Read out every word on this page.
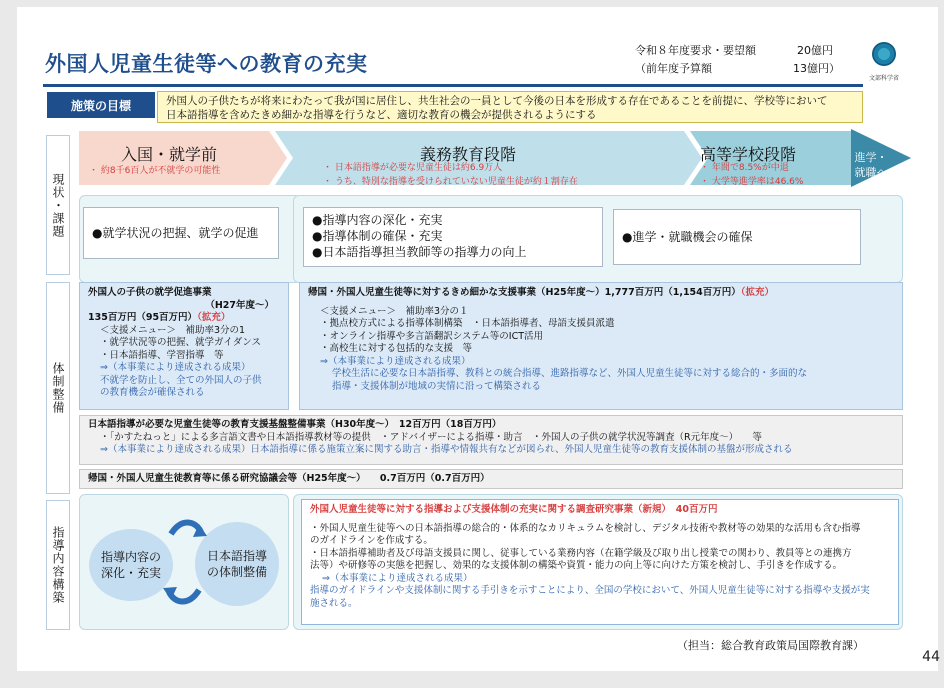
外国人児童生徒等への教育の充実
令和８年度要求・要望額	20億円
（前年度予算額	13億円）
文部科学省
施策の目標	外国人の子供たちが将来にわたって我が国に居住し、共生社会の一員として今後の日本を形成する存在であることを前提に、学校等において
日本語指導を含めたきめ細かな指導を行うなど、適切な教育の機会が提供されるようにする
現状・課題
体制整備
指導内容構築
入国・就学前
・ 約8千6百人が不就学の可能性
義務教育段階
・ 日本語指導が必要な児童生徒は約6.9万人
・ うち、特別な指導を受けられていない児童生徒が約１割存在
高等学校段階
・ 年間で8.5%が中退
・ 大学等進学率は46.6%
進学・就職へ
●就学状況の把握、就学の促進
●指導内容の深化・充実
●指導体制の確保・充実
●日本語指導担当教師等の指導力の向上
●進学・就職機会の確保
外国人の子供の就学促進事業
（H27年度～）
135百万円（95百万円）（拡充）
＜支援メニュー＞　補助率3分の1
・就学状況等の把握、就学ガイダンス
・日本語指導、学習指導　等
⇒（本事業により達成される成果）
不就学を防止し、全ての外国人の子供
の教育機会が確保される
帰国・外国人児童生徒等に対するきめ細かな支援事業（H25年度～）1,777百万円（1,154百万円）（拡充）
＜支援メニュー＞　補助率3分の１
・拠点校方式による指導体制構築　・日本語指導者、母語支援員派遣
・オンライン指導や多言語翻訳システム等のICT活用
・高校生に対する包括的な支援　等
⇒（本事業により達成される成果）
学校生活に必要な日本語指導、教科との統合指導、進路指導など、外国人児童生徒等に対する総合的・多面的な
指導・支援体制が地域の実情に沿って構築される
日本語指導が必要な児童生徒等の教育支援基盤整備事業（H30年度～）　12百万円（18百万円）
・「かすたねっと」による多言語文書や日本語指導教材等の提供　・アドバイザーによる指導・助言　・外国人の子供の就学状況等調査（R元年度～）　　等
⇒（本事業により達成される成果）日本語指導に係る施策立案に関する助言・指導や情報共有などが図られ、外国人児童生徒等の教育支援体制の基盤が形成される
帰国・外国人児童生徒教育等に係る研究協議会等（H25年度～）　　0.7百万円（0.7百万円）
指導内容の深化・充実
日本語指導の体制整備
外国人児童生徒等に対する指導および支援体制の充実に関する調査研究事業（新規）　40百万円
・外国人児童生徒等への日本語指導の総合的・体系的なカリキュラムを検討し、デジタル技術や教材等の効果的な活用も含む指導
のガイドラインを作成する。
・日本語指導補助者及び母語支援員に関し、従事している業務内容（在籍学級及び取り出し授業での関わり、教員等との連携方
法等）や研修等の実態を把握し、効果的な支援体制の構築や資質・能力の向上等に向けた方策を検討し、手引きを作成する。
⇒（本事業により達成される成果）
指導のガイドラインや支援体制に関する手引きを示すことにより、全国の学校において、外国人児童生徒等に対する指導や支援が実
施される。
（担当：総合教育政策局国際教育課）
44
